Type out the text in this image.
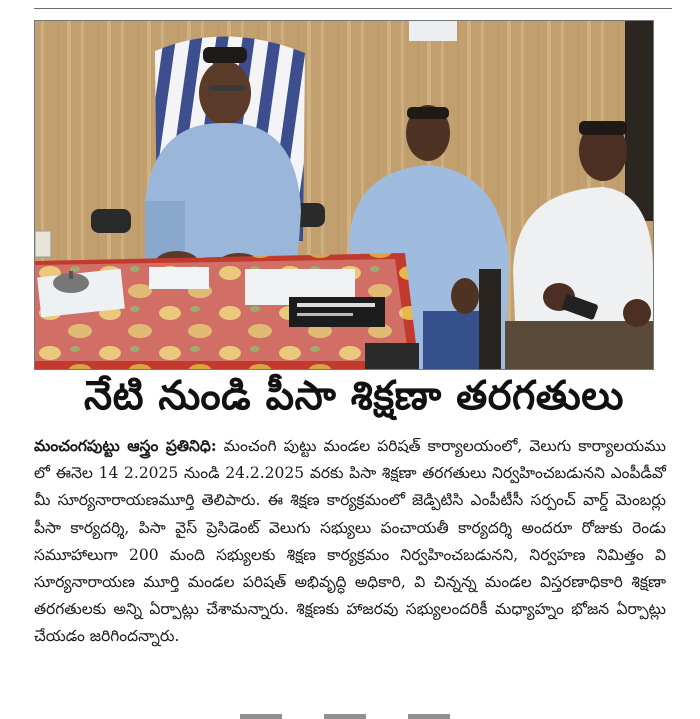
నేటి నుండి పీసా శిక్షణా తరగతులు
మంచంగపుట్టు ఆస్త్రం ప్రతినిధి: మంచంగి పుట్టు మండల పరిషత్ కార్యాలయంలో, వెలుగు కార్యాలయము లో ఈనెల 14 2.2025 నుండి 24.2.2025 వరకు పిసా శిక్షణా తరగతులు నిర్వహించబడునని ఎంపీడీవో మీ సూర్యనారాయణమూర్తి తెలిపారు. ఈ శిక్షణ కార్యక్రమంలో జెడ్పిటిసి ఎంపీటీసీ సర్పంచ్ వార్డ్ మెంబర్లు పీసా కార్యదర్శి, పిసా వైస్ ప్రెసిడెంట్ వెలుగు సభ్యులు పంచాయతీ కార్యదర్శి అందరూ రోజుకు రెండు సమూహాలుగా 200 మంది సభ్యులకు శిక్షణ కార్యక్రమం నిర్వహించబడునని, నిర్వహణ నిమిత్తం వి సూర్యనారాయణ మూర్తి మండల పరిషత్ అభివృద్ధి అధికారి, వి చిన్నన్న మండల విస్తరణాధికారి శిక్షణా తరగతులకు అన్ని ఏర్పాట్లు చేశామన్నారు. శిక్షణకు హాజరవు సభ్యులందరికీ మధ్యాహ్నం భోజన ఏర్పాట్లు చేయడం జరిగిందన్నారు.
